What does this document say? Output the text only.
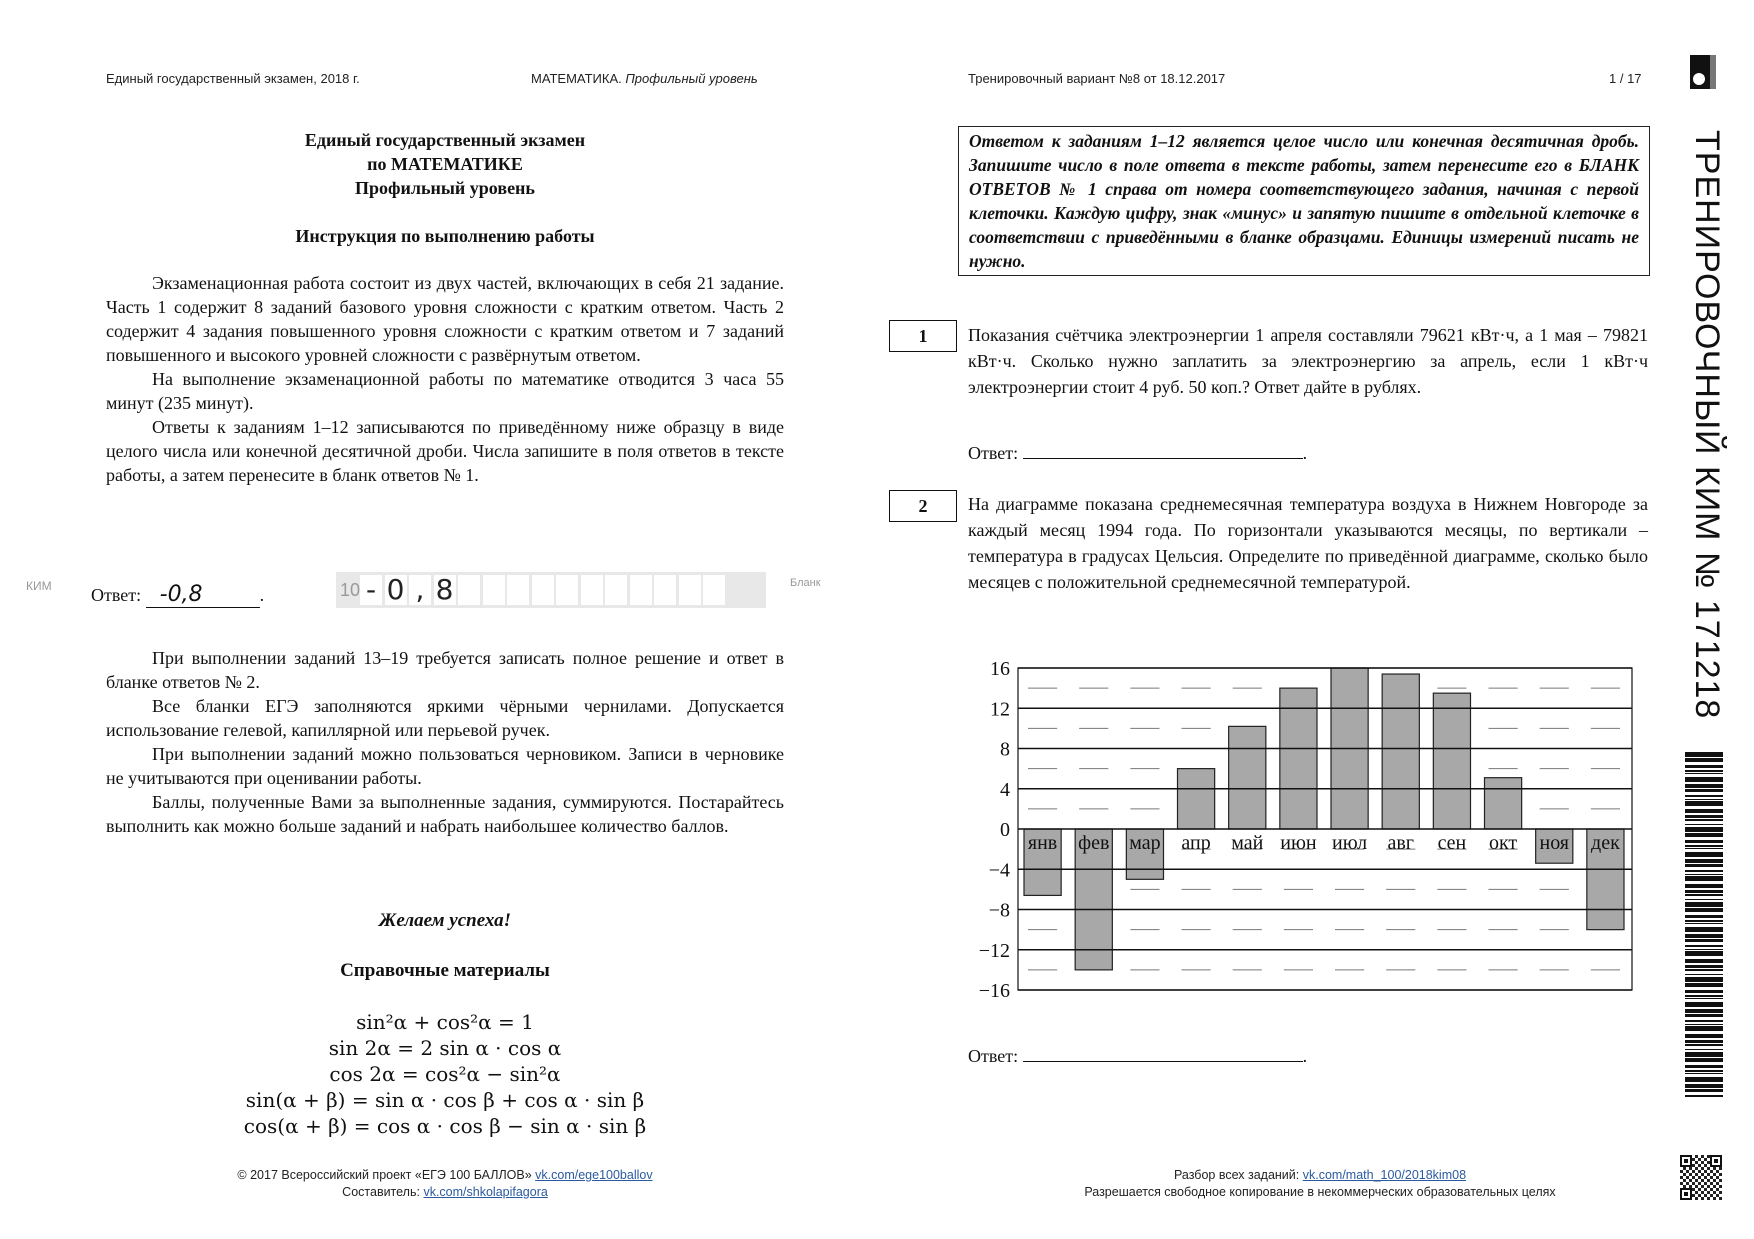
Единый государственный экзамен, 2018 г.	МАТЕМАТИКА. Профильный уровень	Тренировочный вариант №8 от 18.12.2017	1 / 17
Единый государственный экзамен
по МАТЕМАТИКЕ
Профильный уровень
Инструкция по выполнению работы

Экзаменационная работа состоит из двух частей, включающих в себя 21 задание. Часть 1 содержит 8 заданий базового уровня сложности с кратким ответом. Часть 2 содержит 4 задания повышенного уровня сложности с кратким ответом и 7 заданий повышенного и высокого уровней сложности с развёрнутым ответом.

На выполнение экзаменационной работы по математике отводится 3 часа 55 минут (235 минут).

Ответы к заданиям 1–12 записываются по приведённому ниже образцу в виде целого числа или конечной десятичной дроби. Числа запишите в поля ответов в тексте работы, а затем перенесите в бланк ответов № 1.

КИМ Ответ: -0,8	.	10 - 0 , 8	Бланк

При выполнении заданий 13–19 требуется записать полное решение и ответ в бланке ответов № 2.

Все бланки ЕГЭ заполняются яркими чёрными чернилами. Допускается использование гелевой, капиллярной или перьевой ручек.

При выполнении заданий можно пользоваться черновиком. Записи в черновике не учитываются при оценивании работы.

Баллы, полученные Вами за выполненные задания, суммируются. Постарайтесь выполнить как можно больше заданий и набрать наибольшее количество баллов.

Желаем успеха!
Справочные материалы
sin²α + cos²α = 1
sin 2α = 2 sin α · cos α
cos 2α = cos²α − sin²α
sin(α + β) = sin α · cos β + cos α · sin β
cos(α + β) = cos α · cos β − sin α · sin β
© 2017 Всероссийский проект «ЕГЭ 100 БАЛЛОВ» vk.com/ege100ballov
Составитель: vk.com/shkolapifagora
Ответом к заданиям 1–12 является целое число или конечная десятичная дробь. Запишите число в поле ответа в тексте работы, затем перенесите его в БЛАНК ОТВЕТОВ № 1 справа от номера соответствующего задания, начиная с первой клеточки. Каждую цифру, знак «минус» и запятую пишите в отдельной клеточке в соответствии с приведёнными в бланке образцами. Единицы измерений писать не нужно.
1	Показания счётчика электроэнергии 1 апреля составляли 79621 кВт·ч, а 1 мая – 79821 кВт·ч. Сколько нужно заплатить за электроэнергию за апрель, если 1 кВт·ч электроэнергии стоит 4 руб. 50 коп.? Ответ дайте в рублях.
Ответ:	.
2	На диаграмме показана среднемесячная температура воздуха в Нижнем Новгороде за каждый месяц 1994 года. По горизонтали указываются месяцы, по вертикали – температура в градусах Цельсия. Определите по приведённой диаграмме, сколько было месяцев с положительной среднемесячной температурой.
16
12
8
4
0
−4
−8
−12
−16
янв фев мар апр май июн июл авг сен окт ноя дек
Ответ:	.
Разбор всех заданий: vk.com/math_100/2018kim08
Разрешается свободное копирование в некоммерческих образовательных целях
ТРЕНИРОВОЧНЫЙ КИМ № 171218
